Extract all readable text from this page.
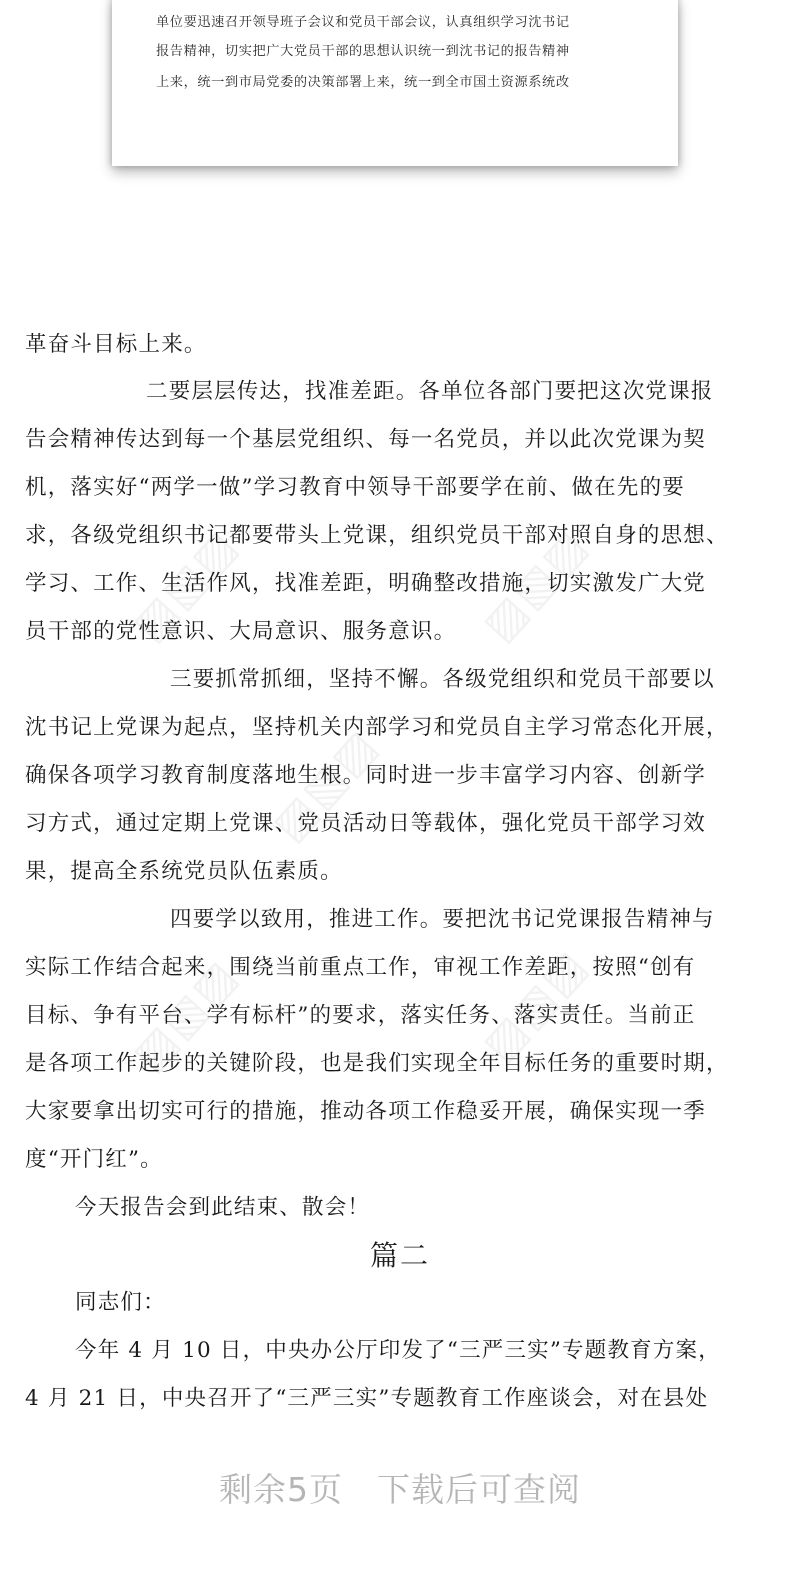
单位要迅速召开领导班子会议和党员干部会议，认真组织学习沈书记
报告精神，切实把广大党员干部的思想认识统一到沈书记的报告精神
上来，统一到市局党委的决策部署上来，统一到全市国土资源系统改
▨▧▨
▨▧▨
▨▧▨
▨▧▨	▨▧▨
革奋斗目标上来。
二要层层传达，找准差距。各单位各部门要把这次党课报
告会精神传达到每一个基层党组织、每一名党员，并以此次党课为契
机，落实好“两学一做”学习教育中领导干部要学在前、做在先的要
求，各级党组织书记都要带头上党课，组织党员干部对照自身的思想、
学习、工作、生活作风，找准差距，明确整改措施，切实激发广大党
员干部的党性意识、大局意识、服务意识。
三要抓常抓细，坚持不懈。各级党组织和党员干部要以
沈书记上党课为起点，坚持机关内部学习和党员自主学习常态化开展，
确保各项学习教育制度落地生根。同时进一步丰富学习内容、创新学
习方式，通过定期上党课、党员活动日等载体，强化党员干部学习效
果，提高全系统党员队伍素质。
四要学以致用，推进工作。要把沈书记党课报告精神与
实际工作结合起来，围绕当前重点工作，审视工作差距，按照“创有
目标、争有平台、学有标杆”的要求，落实任务、落实责任。当前正
是各项工作起步的关键阶段，也是我们实现全年目标任务的重要时期，
大家要拿出切实可行的措施，推动各项工作稳妥开展，确保实现一季
度“开门红”。
今天报告会到此结束、散会！
篇二
同志们：
今年 4 月 10 日，中央办公厅印发了“三严三实”专题教育方案，
4 月 21 日，中央召开了“三严三实”专题教育工作座谈会，对在县处
剩余5页 下载后可查阅
